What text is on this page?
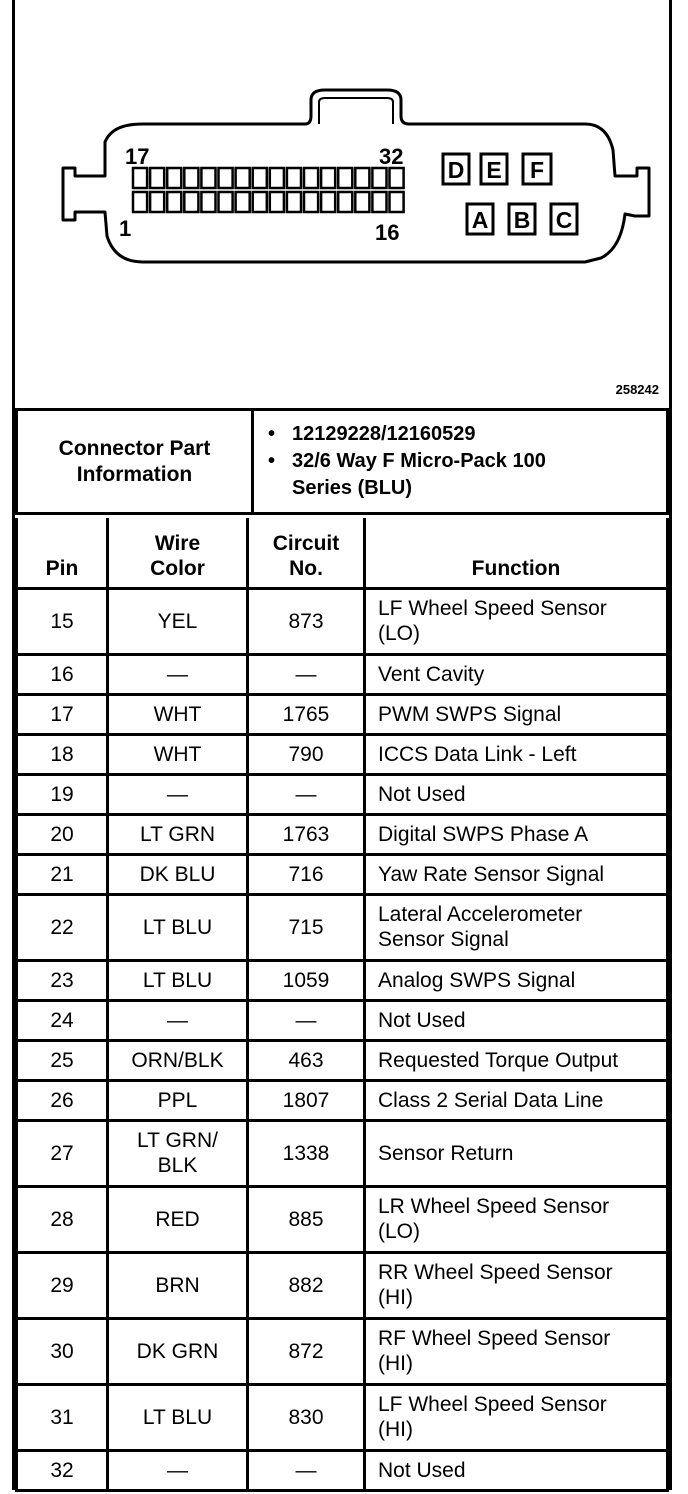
17	32
1	16
D E F
A B C
258242
Connector Part
Information

• 12129228/12160529
• 32/6 Way F Micro-Pack 100 Series (BLU)
Pin	Wire Color	Circuit No.	Function
15	YEL	873	LF Wheel Speed Sensor (LO)
16	—	—	Vent Cavity
17	WHT	1765	PWM SWPS Signal
18	WHT	790	ICCS Data Link - Left
19	—	—	Not Used
20	LT GRN	1763	Digital SWPS Phase A
21	DK BLU	716	Yaw Rate Sensor Signal
22	LT BLU	715	Lateral Accelerometer Sensor Signal
23	LT BLU	1059	Analog SWPS Signal
24	—	—	Not Used
25	ORN/BLK	463	Requested Torque Output
26	PPL	1807	Class 2 Serial Data Line
27	LT GRN/ BLK	1338	Sensor Return
28	RED	885	LR Wheel Speed Sensor (LO)
29	BRN	882	RR Wheel Speed Sensor (HI)
30	DK GRN	872	RF Wheel Speed Sensor (HI)
31	LT BLU	830	LF Wheel Speed Sensor (HI)
32	—	—	Not Used
